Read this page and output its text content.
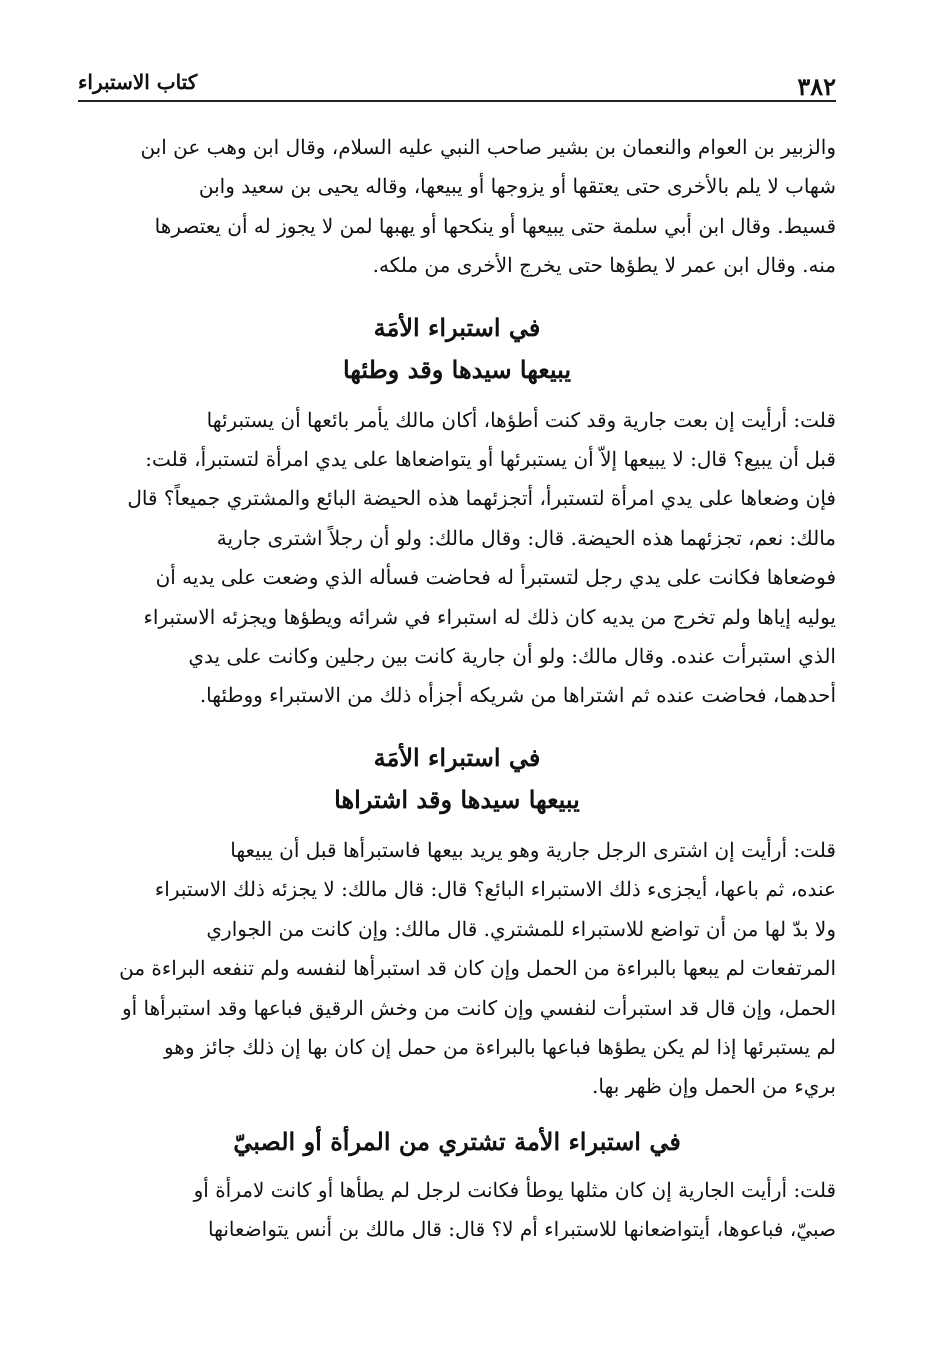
٣٨٢
كتاب الاستبراء

والزبير بن العوام والنعمان بن بشير صاحب النبي عليه السلام، وقال ابن وهب عن ابن

شهاب لا يلم بالأخرى حتى يعتقها أو يزوجها أو يبيعها، وقاله يحيى بن سعيد وابن

قسيط. وقال ابن أبي سلمة حتى يبيعها أو ينكحها أو يهبها لمن لا يجوز له أن يعتصرها

منه. وقال ابن عمر لا يطؤها حتى يخرج الأخرى من ملكه.

في استبراء الأمَة

يبيعها سيدها وقد وطئها

قلت: أرأيت إن بعت جارية وقد كنت أطؤها، أكان مالك يأمر بائعها أن يستبرئها

قبل أن يبيع؟ قال: لا يبيعها إلاّ أن يستبرئها أو يتواضعاها على يدي امرأة لتستبرأ، قلت:

فإن وضعاها على يدي امرأة لتستبرأ، أتجزئهما هذه الحيضة البائع والمشتري جميعاً؟ قال

مالك: نعم، تجزئهما هذه الحيضة. قال: وقال مالك: ولو أن رجلاً اشترى جارية

فوضعاها فكانت على يدي رجل لتستبرأ له فحاضت فسأله الذي وضعت على يديه أن

يوليه إياها ولم تخرج من يديه كان ذلك له استبراء في شرائه ويطؤها ويجزئه الاستبراء

الذي استبرأت عنده. وقال مالك: ولو أن جارية كانت بين رجلين وكانت على يدي

أحدهما، فحاضت عنده ثم اشتراها من شريكه أجزأه ذلك من الاستبراء ووطئها.

في استبراء الأمَة

يبيعها سيدها وقد اشتراها

قلت: أرأيت إن اشترى الرجل جارية وهو يريد بيعها فاستبرأها قبل أن يبيعها

عنده، ثم باعها، أيجزىء ذلك الاستبراء البائع؟ قال: قال مالك: لا يجزئه ذلك الاستبراء

ولا بدّ لها من أن تواضع للاستبراء للمشتري. قال مالك: وإن كانت من الجواري

المرتفعات لم يبعها بالبراءة من الحمل وإن كان قد استبرأها لنفسه ولم تنفعه البراءة من

الحمل، وإن قال قد استبرأت لنفسي وإن كانت من وخش الرقيق فباعها وقد استبرأها أو

لم يستبرئها إذا لم يكن يطؤها فباعها بالبراءة من حمل إن كان بها إن ذلك جائز وهو

بريء من الحمل وإن ظهر بها.

في استبراء الأمة تشتري من المرأة أو الصبيّ

قلت: أرأيت الجارية إن كان مثلها يوطأ فكانت لرجل لم يطأها أو كانت لامرأة أو

صبيّ، فباعوها، أيتواضعانها للاستبراء أم لا؟ قال: قال مالك بن أنس يتواضعانها
